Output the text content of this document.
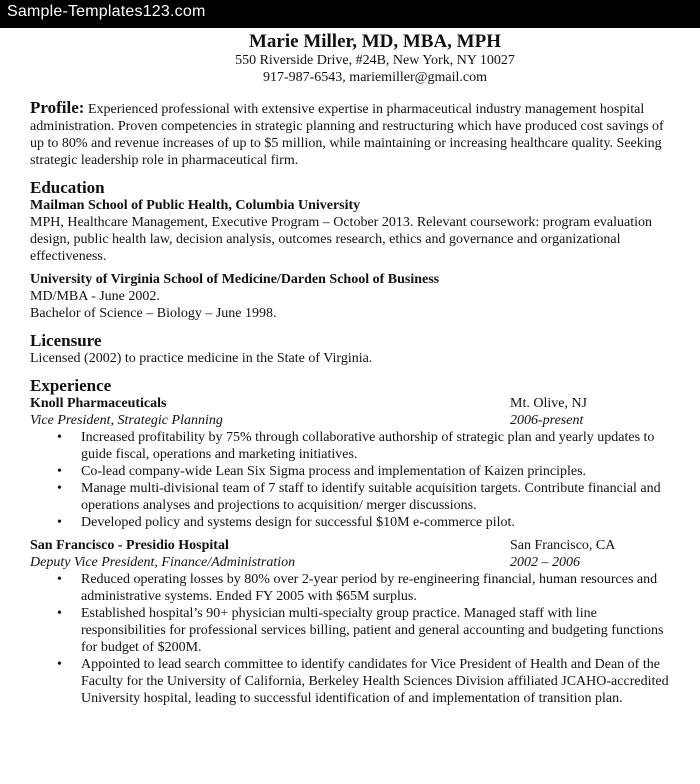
Sample-Templates123.com
Marie Miller, MD, MBA, MPH
550 Riverside Drive, #24B, New York, NY 10027
917-987-6543, mariemiller@gmail.com
Profile: Experienced professional with extensive expertise in pharmaceutical industry management hospital administration. Proven competencies in strategic planning and restructuring which have produced cost savings of up to 80% and revenue increases of up to $5 million, while maintaining or increasing healthcare quality. Seeking strategic leadership role in pharmaceutical firm.
Education
Mailman School of Public Health, Columbia University
MPH, Healthcare Management, Executive Program – October 2013. Relevant coursework: program evaluation design, public health law, decision analysis, outcomes research, ethics and governance and organizational effectiveness.
University of Virginia School of Medicine/Darden School of Business
MD/MBA - June 2002.
Bachelor of Science – Biology – June 1998.
Licensure
Licensed (2002) to practice medicine in the State of Virginia.
Experience
Knoll Pharmaceuticals	Mt. Olive, NJ
Vice President, Strategic Planning	2006-present
• Increased profitability by 75% through collaborative authorship of strategic plan and yearly updates to guide fiscal, operations and marketing initiatives.
• Co-lead company-wide Lean Six Sigma process and implementation of Kaizen principles.
• Manage multi-divisional team of 7 staff to identify suitable acquisition targets. Contribute financial and operations analyses and projections to acquisition/ merger discussions.
• Developed policy and systems design for successful $10M e-commerce pilot.
San Francisco - Presidio Hospital	San Francisco, CA
Deputy Vice President, Finance/Administration	2002 – 2006
• Reduced operating losses by 80% over 2-year period by re-engineering financial, human resources and administrative systems. Ended FY 2005 with $65M surplus.
• Established hospital’s 90+ physician multi-specialty group practice. Managed staff with line responsibilities for professional services billing, patient and general accounting and budgeting functions for budget of $200M.
• Appointed to lead search committee to identify candidates for Vice President of Health and Dean of the Faculty for the University of California, Berkeley Health Sciences Division affiliated JCAHO-accredited University hospital, leading to successful identification of and implementation of transition plan.
